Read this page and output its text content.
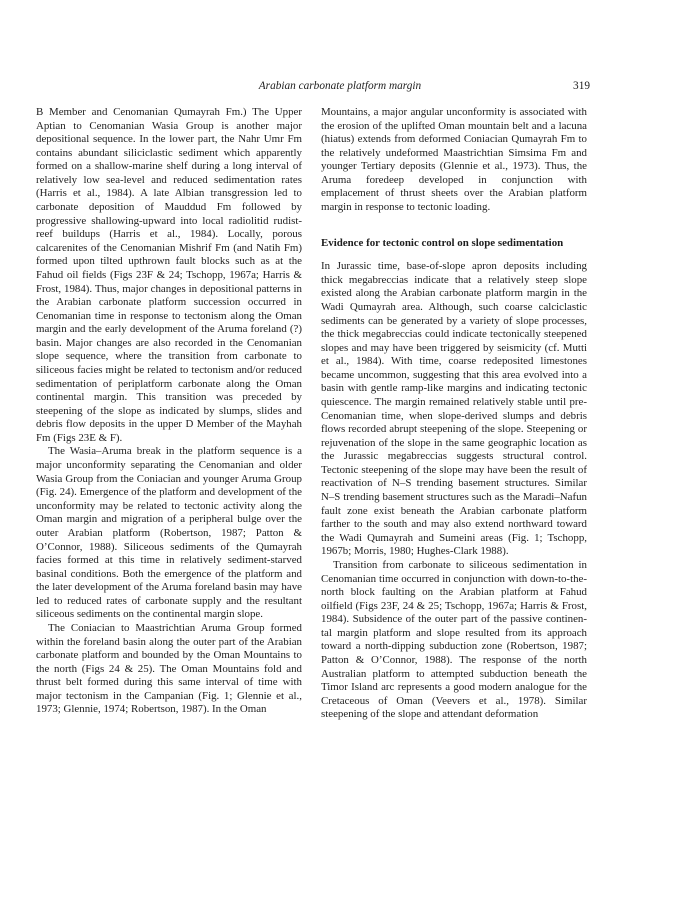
Arabian carbonate platform margin	319

B Member and Cenomanian Qumayrah Fm.) The Upper Aptian to Cenomanian Wasia Group is another major depositional sequence. In the lower part, the Nahr Umr Fm contains abundant siliciclastic sediment which apparently formed on a shallow-marine shelf during a long interval of relatively low sea-level and reduced sedimentation rates (Harris et al., 1984). A late Albian transgression led to carbonate deposition of Mauddud Fm followed by progressive shallowing-upward into local radiolitid rudist-reef buildups (Harris et al., 1984). Locally, porous calcarenites of the Cenomanian Mishrif Fm (and Natih Fm) formed upon tilted upthrown fault blocks such as at the Fahud oil fields (Figs 23F & 24; Tschopp, 1967a; Harris & Frost, 1984). Thus, major changes in depositional patterns in the Arabian carbonate platform succession occurred in Cenomanian time in response to tectonism along the Oman margin and the early development of the Aruma foreland (?) basin. Major changes are also recorded in the Cenomanian slope sequence, where the transition from carbonate to siliceous facies might be related to tectonism and/or reduced sedimentation of periplatform carbonate along the Oman continental margin. This transition was preceded by steepening of the slope as indicated by slumps, slides and debris flow deposits in the upper D Member of the Mayhah Fm (Figs 23E & F).

The Wasia–Aruma break in the platform sequence is a major unconformity separating the Cenomanian and older Wasia Group from the Coniacian and younger Aruma Group (Fig. 24). Emergence of the platform and development of the unconformity may be related to tectonic activity along the Oman margin and migration of a peripheral bulge over the outer Arabian platform (Robertson, 1987; Patton & O’Connor, 1988). Siliceous sediments of the Qumayrah facies formed at this time in relatively sediment-starved basinal conditions. Both the emergence of the platform and the later development of the Aruma foreland basin may have led to reduced rates of carbonate supply and the resultant siliceous sediments on the continental margin slope.

The Coniacian to Maastrichtian Aruma Group formed within the foreland basin along the outer part of the Arabian carbonate platform and bounded by the Oman Mountains to the north (Figs 24 & 25). The Oman Mountains fold and thrust belt formed during this same interval of time with major tectonism in the Campanian (Fig. 1; Glennie et al., 1973; Glennie, 1974; Robertson, 1987). In the Oman

Mountains, a major angular unconformity is associated with the erosion of the uplifted Oman mountain belt and a lacuna (hiatus) extends from deformed Coniacian Qumayrah Fm to the relatively undeformed Maastrichtian Simsima Fm and younger Tertiary deposits (Glennie et al., 1973). Thus, the Aruma foredeep developed in conjunction with emplacement of thrust sheets over the Arabian platform margin in response to tectonic loading.

Evidence for tectonic control on slope sedimentation

In Jurassic time, base-of-slope apron deposits including thick megabreccias indicate that a relatively steep slope existed along the Arabian carbonate platform margin in the Wadi Qumayrah area. Although, such coarse calciclastic sediments can be generated by a variety of slope processes, the thick megabreccias could indicate tectonically steepened slopes and may have been triggered by seismicity (cf. Mutti et al., 1984). With time, coarse redeposited limestones became uncommon, suggesting that this area evolved into a basin with gentle ramp-like margins and indicating tectonic quiescence. The margin remained relatively stable until pre-Cenomanian time, when slope-derived slumps and debris flows recorded abrupt steepening of the slope. Steepening or rejuvenation of the slope in the same geographic location as the Jurassic megabreccias suggests structural control. Tectonic steepening of the slope may have been the result of reactivation of N–S trending basement structures. Similar N–S trending basement structures such as the Maradi–Nafun fault zone exist beneath the Arabian carbonate platform farther to the south and may also extend northward toward the Wadi Qumayrah and Sumeini areas (Fig. 1; Tschopp, 1967b; Morris, 1980; Hughes-Clark 1988).

Transition from carbonate to siliceous sedimentation in Cenomanian time occurred in conjunction with down-to-the-north block faulting on the Arabian platform at Fahud oilfield (Figs 23F, 24 & 25; Tschopp, 1967a; Harris & Frost, 1984). Subsidence of the outer part of the passive continental margin platform and slope resulted from its approach toward a north-dipping subduction zone (Robertson, 1987; Patton & O’Connor, 1988). The response of the north Australian platform to attempted subduction beneath the Timor Island arc represents a good modern analogue for the Cretaceous of Oman (Veevers et al., 1978). Similar steepening of the slope and attendant deformation
